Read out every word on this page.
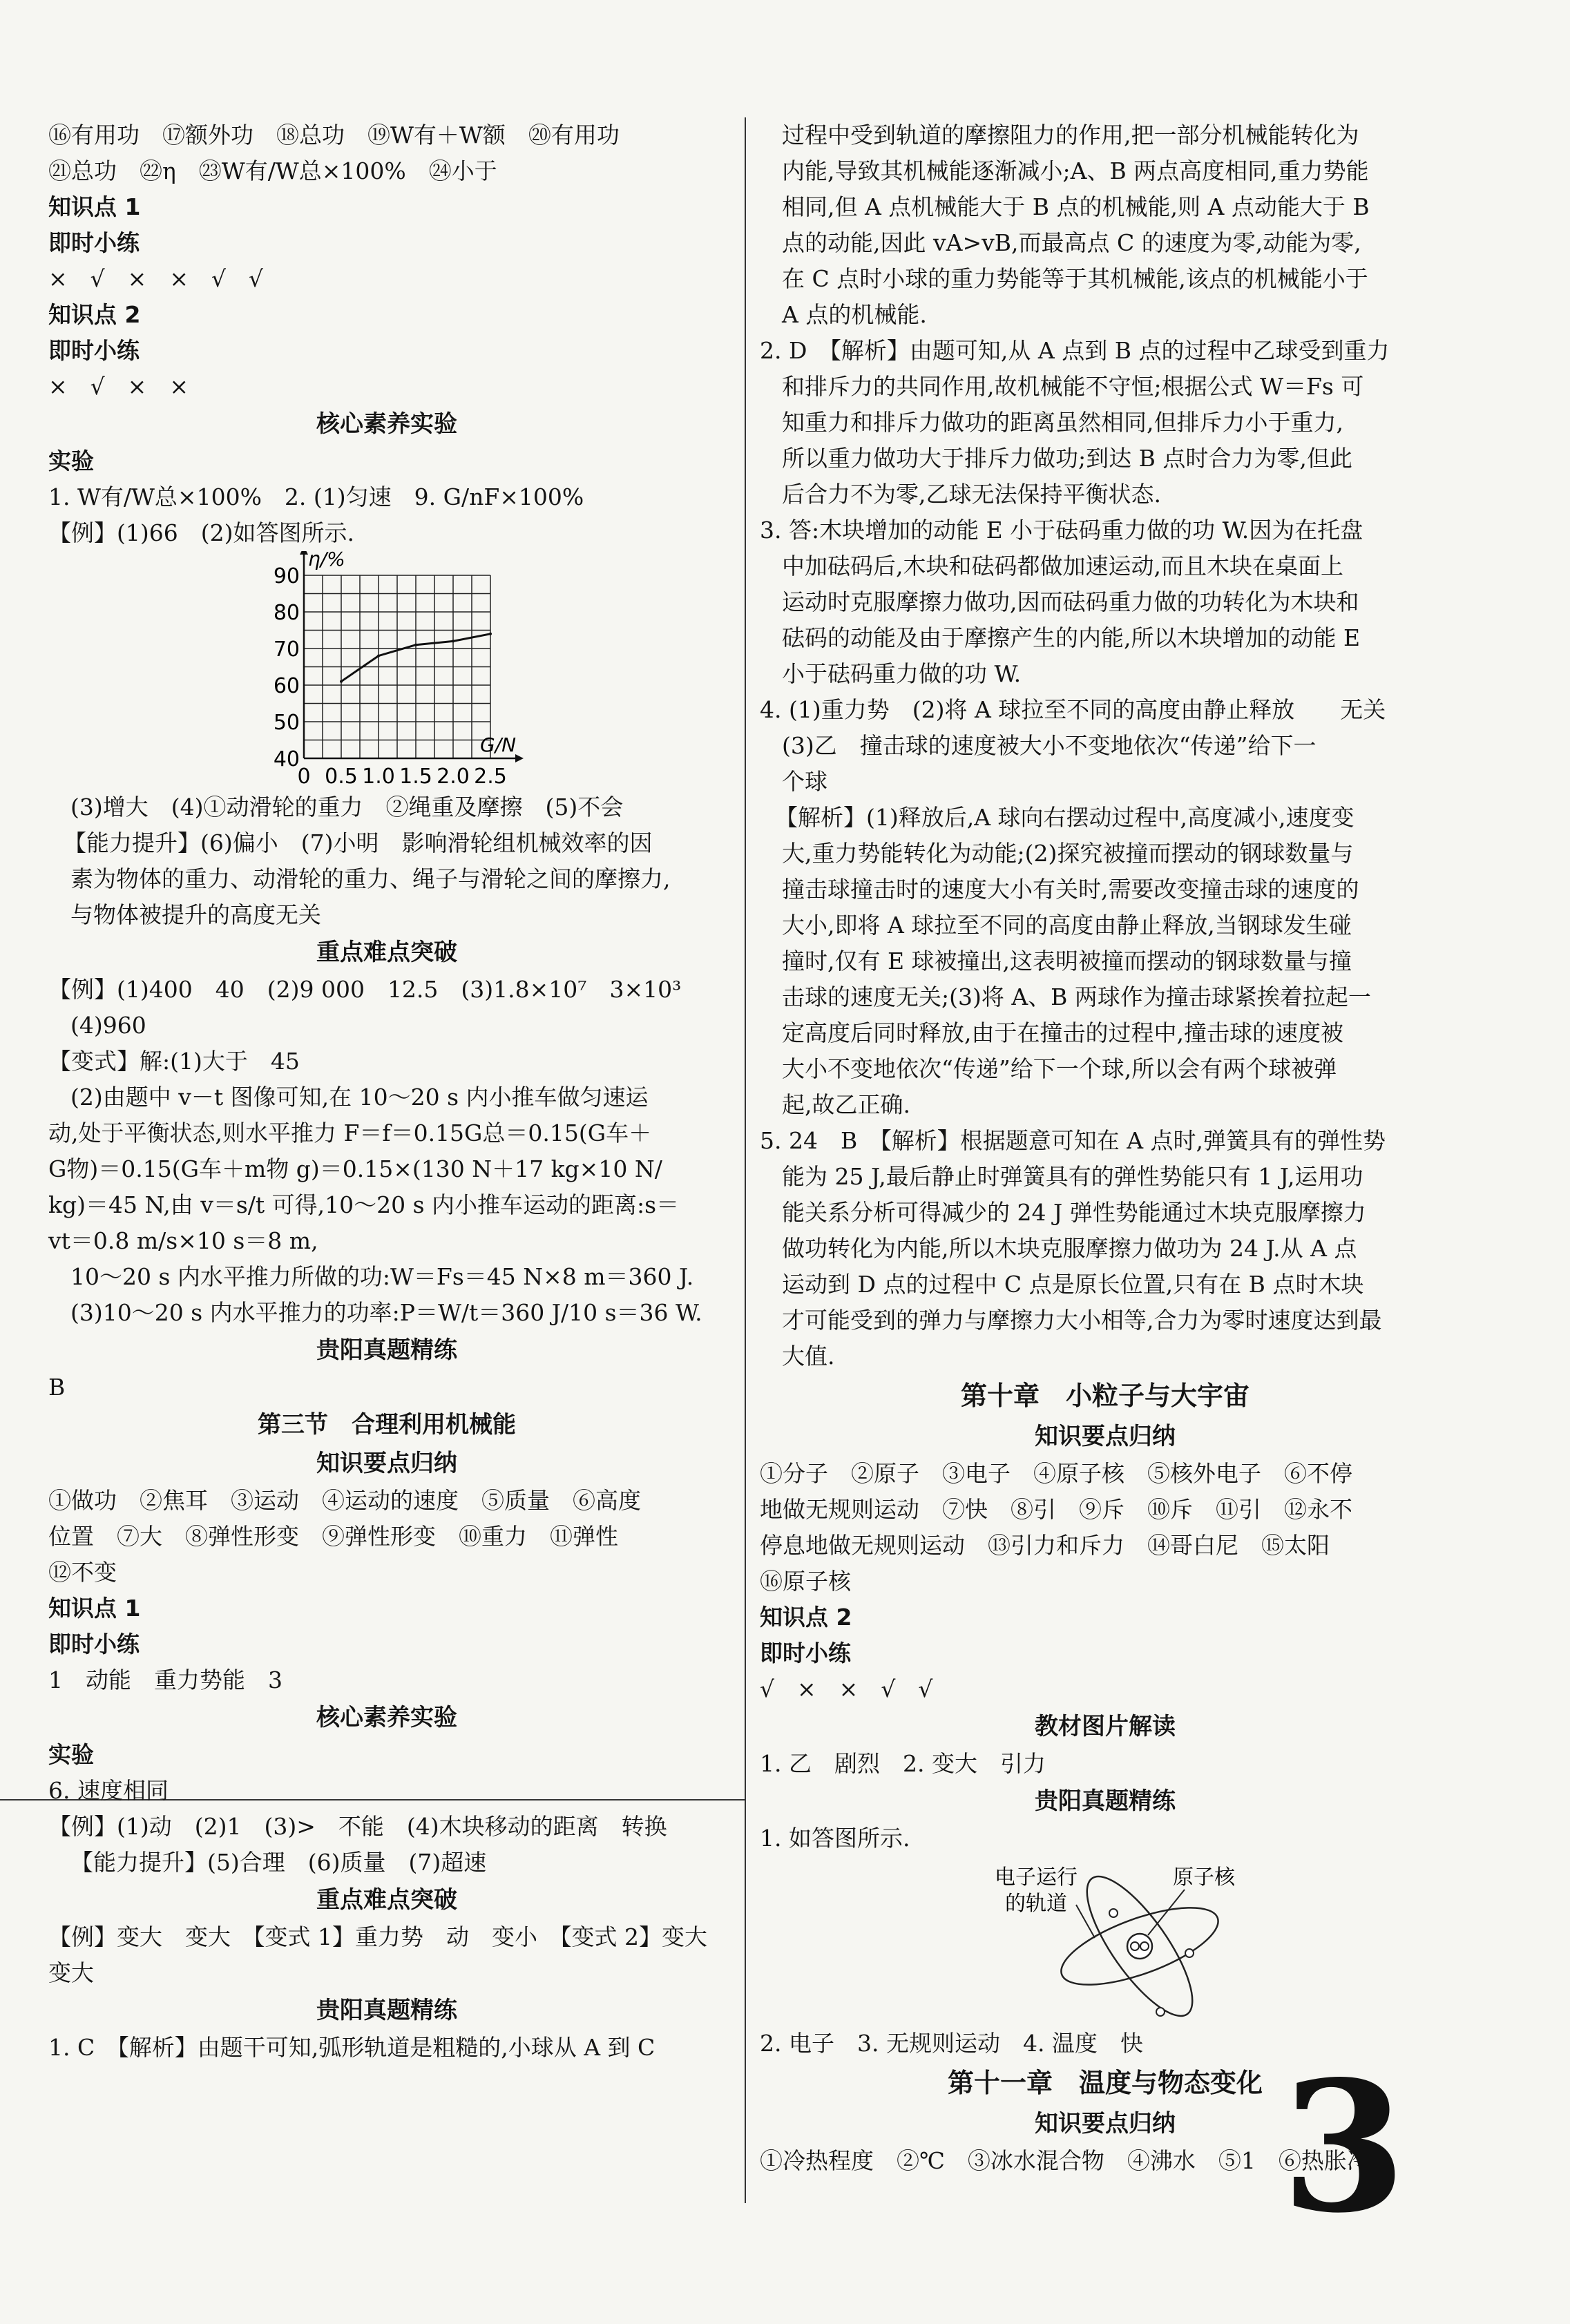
⑯有用功　⑰额外功　⑱总功　⑲W有＋W额　⑳有用功
㉑总功　㉒η　㉓W有/W总×100%　㉔小于
知识点 1
即时小练
×　√　×　×　√　√
知识点 2
即时小练
×　√　×　×
核心素养实验
实验
1. W有/W总×100%　2. (1)匀速　9. G/nF×100%
【例】(1)66　(2)如答图所示.
0 0.5 1.0 1.5 2.0 2.5
40
50
60
70
80
90
G/N
η/%
(3)增大　(4)①动滑轮的重力　②绳重及摩擦　(5)不会
【能力提升】(6)偏小　(7)小明　影响滑轮组机械效率的因
素为物体的重力、动滑轮的重力、绳子与滑轮之间的摩擦力,
与物体被提升的高度无关
重点难点突破
【例】(1)400　40　(2)9 000　12.5　(3)1.8×10⁷　3×10³
(4)960
【变式】解:(1)大于　45
(2)由题中 v－t 图像可知,在 10～20 s 内小推车做匀速运
动,处于平衡状态,则水平推力 F＝f＝0.15G总＝0.15(G车＋
G物)＝0.15(G车＋m物 g)＝0.15×(130 N＋17 kg×10 N/
kg)＝45 N,由 v＝s/t 可得,10～20 s 内小推车运动的距离:s＝
vt＝0.8 m/s×10 s＝8 m,
10～20 s 内水平推力所做的功:W＝Fs＝45 N×8 m＝360 J.
(3)10～20 s 内水平推力的功率:P＝W/t＝360 J/10 s＝36 W.
贵阳真题精练
B
第三节　合理利用机械能
知识要点归纳
①做功　②焦耳　③运动　④运动的速度　⑤质量　⑥高度
位置　⑦大　⑧弹性形变　⑨弹性形变　⑩重力　⑪弹性
⑫不变
知识点 1
即时小练
1　动能　重力势能　3
核心素养实验
实验
6. 速度相同
【例】(1)动　(2)1　(3)>　不能　(4)木块移动的距离　转换
【能力提升】(5)合理　(6)质量　(7)超速
重点难点突破
【例】变大　变大　【变式 1】重力势　动　变小　【变式 2】变大
变大
贵阳真题精练
1. C　【解析】由题干可知,弧形轨道是粗糙的,小球从 A 到 C
过程中受到轨道的摩擦阻力的作用,把一部分机械能转化为
内能,导致其机械能逐渐减小;A、B 两点高度相同,重力势能
相同,但 A 点机械能大于 B 点的机械能,则 A 点动能大于 B
点的动能,因此 vA>vB,而最高点 C 的速度为零,动能为零,
在 C 点时小球的重力势能等于其机械能,该点的机械能小于
A 点的机械能.
2. D　【解析】由题可知,从 A 点到 B 点的过程中乙球受到重力
和排斥力的共同作用,故机械能不守恒;根据公式 W＝Fs 可
知重力和排斥力做功的距离虽然相同,但排斥力小于重力,
所以重力做功大于排斥力做功;到达 B 点时合力为零,但此
后合力不为零,乙球无法保持平衡状态.
3. 答:木块增加的动能 E 小于砝码重力做的功 W.因为在托盘
中加砝码后,木块和砝码都做加速运动,而且木块在桌面上
运动时克服摩擦力做功,因而砝码重力做的功转化为木块和
砝码的动能及由于摩擦产生的内能,所以木块增加的动能 E
小于砝码重力做的功 W.
4. (1)重力势　(2)将 A 球拉至不同的高度由静止释放　　无关
(3)乙　撞击球的速度被大小不变地依次“传递”给下一
个球
【解析】(1)释放后,A 球向右摆动过程中,高度减小,速度变
大,重力势能转化为动能;(2)探究被撞而摆动的钢球数量与
撞击球撞击时的速度大小有关时,需要改变撞击球的速度的
大小,即将 A 球拉至不同的高度由静止释放,当钢球发生碰
撞时,仅有 E 球被撞出,这表明被撞而摆动的钢球数量与撞
击球的速度无关;(3)将 A、B 两球作为撞击球紧挨着拉起一
定高度后同时释放,由于在撞击的过程中,撞击球的速度被
大小不变地依次“传递”给下一个球,所以会有两个球被弹
起,故乙正确.
5. 24　B　【解析】根据题意可知在 A 点时,弹簧具有的弹性势
能为 25 J,最后静止时弹簧具有的弹性势能只有 1 J,运用功
能关系分析可得减少的 24 J 弹性势能通过木块克服摩擦力
做功转化为内能,所以木块克服摩擦力做功为 24 J.从 A 点
运动到 D 点的过程中 C 点是原长位置,只有在 B 点时木块
才可能受到的弹力与摩擦力大小相等,合力为零时速度达到最
大值.
第十章　小粒子与大宇宙
知识要点归纳
①分子　②原子　③电子　④原子核　⑤核外电子　⑥不停
地做无规则运动　⑦快　⑧引　⑨斥　⑩斥　⑪引　⑫永不
停息地做无规则运动　⑬引力和斥力　⑭哥白尼　⑮太阳
⑯原子核
知识点 2
即时小练
√　×　×　√　√
教材图片解读
1. 乙　剧烈　2. 变大　引力
贵阳真题精练
1. 如答图所示.
电子运行
的轨道
原子核
2. 电子　3. 无规则运动　4. 温度　快
第十一章　温度与物态变化
知识要点归纳
①冷热程度　②℃　③冰水混合物　④沸水　⑤1　⑥热胀冷
3
